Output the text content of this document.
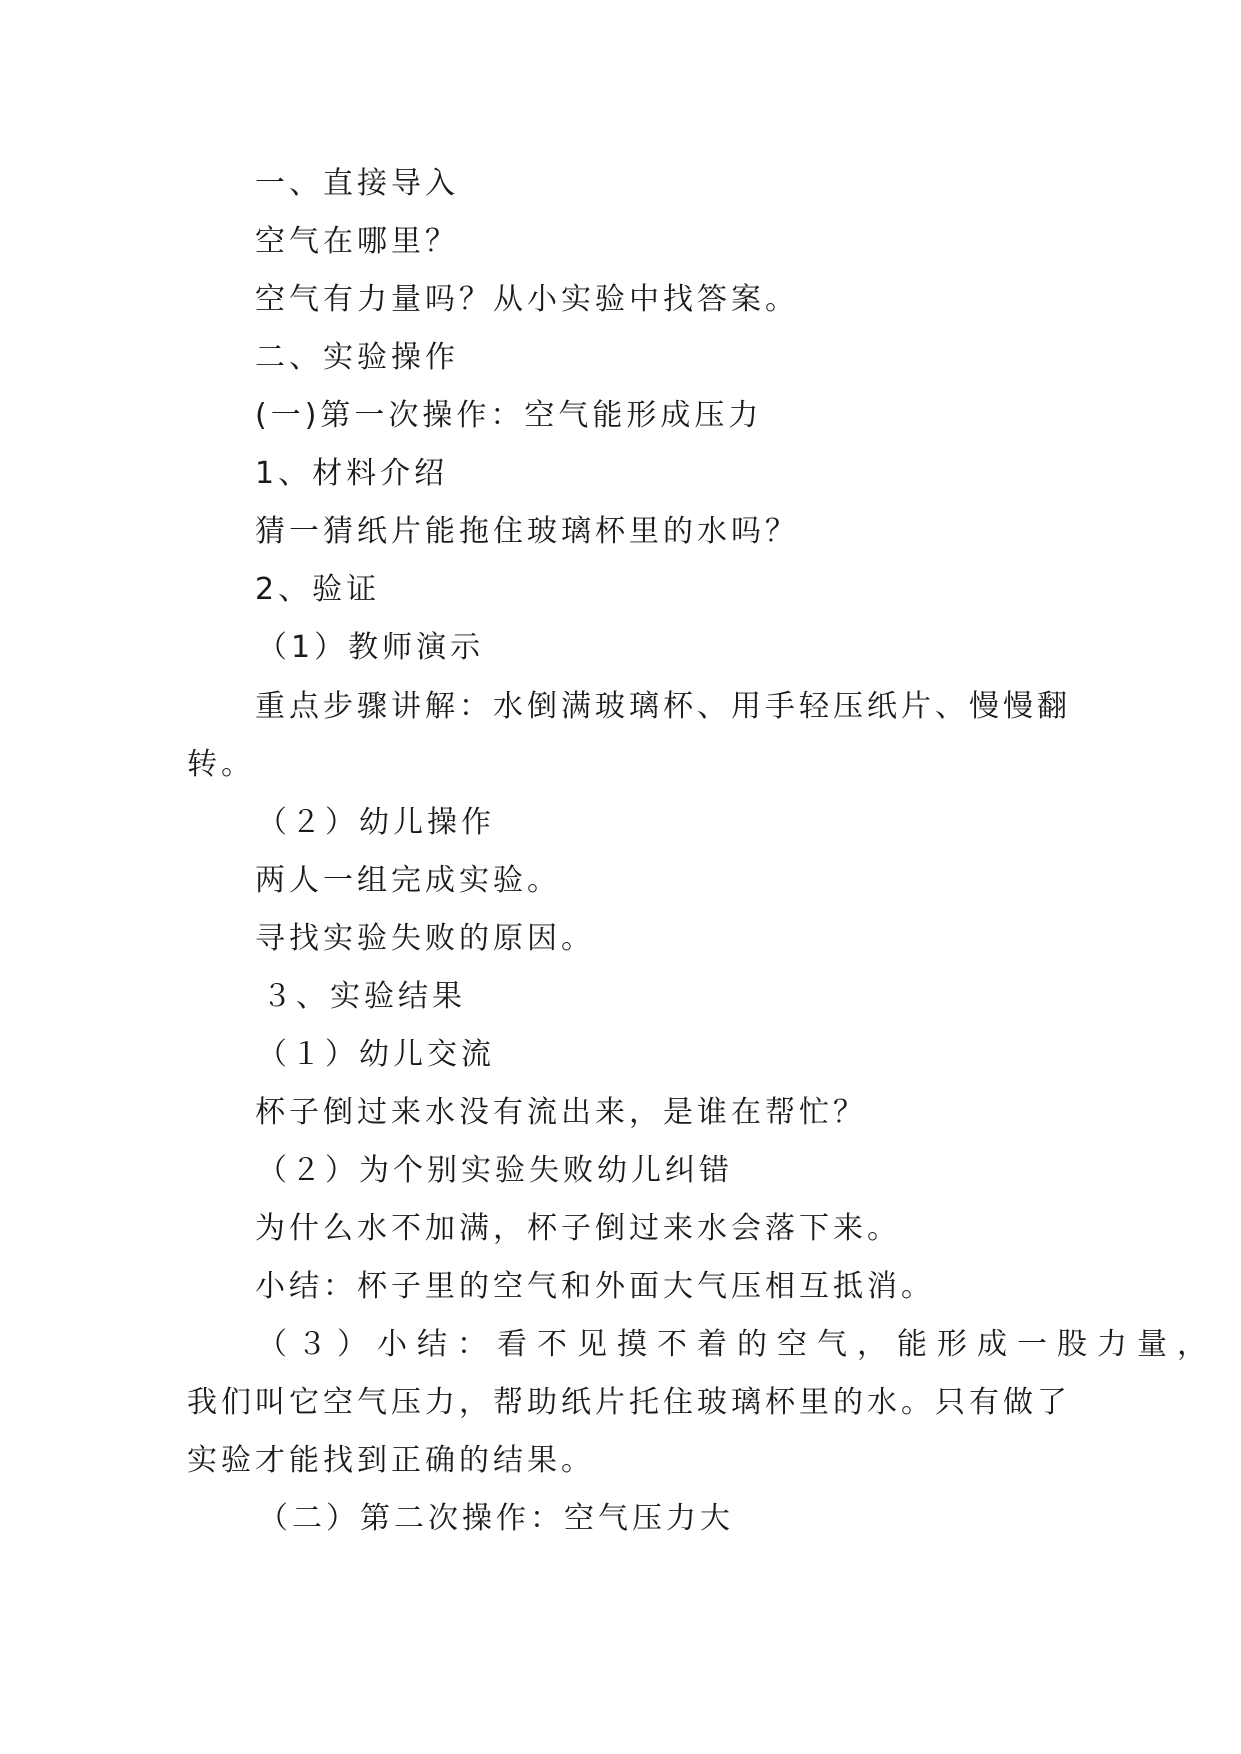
一、直接导入
空气在哪里？
空气有力量吗？从小实验中找答案。
二、实验操作
(一)第一次操作：空气能形成压力
1、材料介绍
猜一猜纸片能拖住玻璃杯里的水吗？
2、验证
（1）教师演示
重点步骤讲解：水倒满玻璃杯、用手轻压纸片、慢慢翻
转。
（２）幼儿操作
两人一组完成实验。
寻找实验失败的原因。
３、实验结果
（１）幼儿交流
杯子倒过来水没有流出来，是谁在帮忙？
（２）为个别实验失败幼儿纠错
为什么水不加满，杯子倒过来水会落下来。
小结：杯子里的空气和外面大气压相互抵消。
（３）小结：看不见摸不着的空气，能形成一股力量，
我们叫它空气压力，帮助纸片托住玻璃杯里的水。只有做了
实验才能找到正确的结果。
（二）第二次操作：空气压力大
